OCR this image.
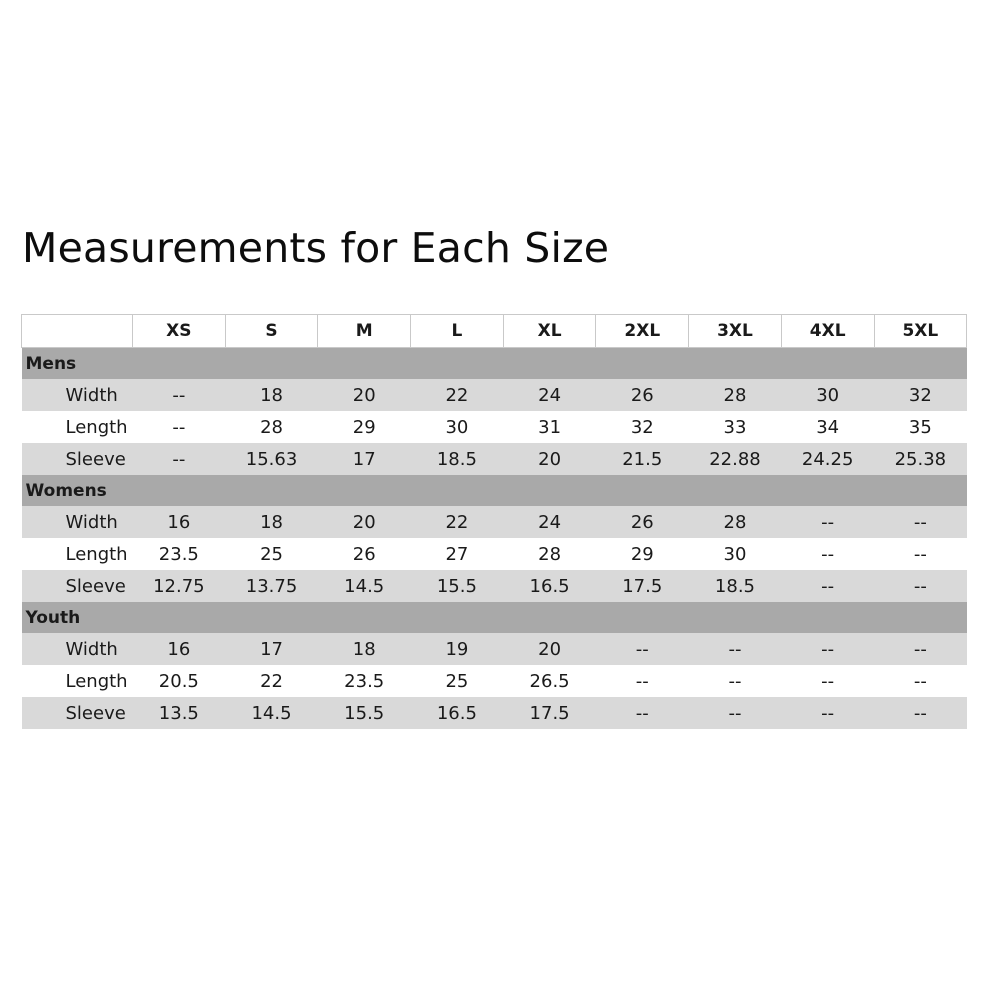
Measurements for Each Size
	XS	S	M	L	XL	2XL	3XL	4XL	5XL
Mens									
Width	--	18	20	22	24	26	28	30	32
Length	--	28	29	30	31	32	33	34	35
Sleeve	--	15.63	17	18.5	20	21.5	22.88	24.25	25.38
Womens									
Width	16	18	20	22	24	26	28	--	--
Length	23.5	25	26	27	28	29	30	--	--
Sleeve	12.75	13.75	14.5	15.5	16.5	17.5	18.5	--	--
Youth									
Width	16	17	18	19	20	--	--	--	--
Length	20.5	22	23.5	25	26.5	--	--	--	--
Sleeve	13.5	14.5	15.5	16.5	17.5	--	--	--	--
